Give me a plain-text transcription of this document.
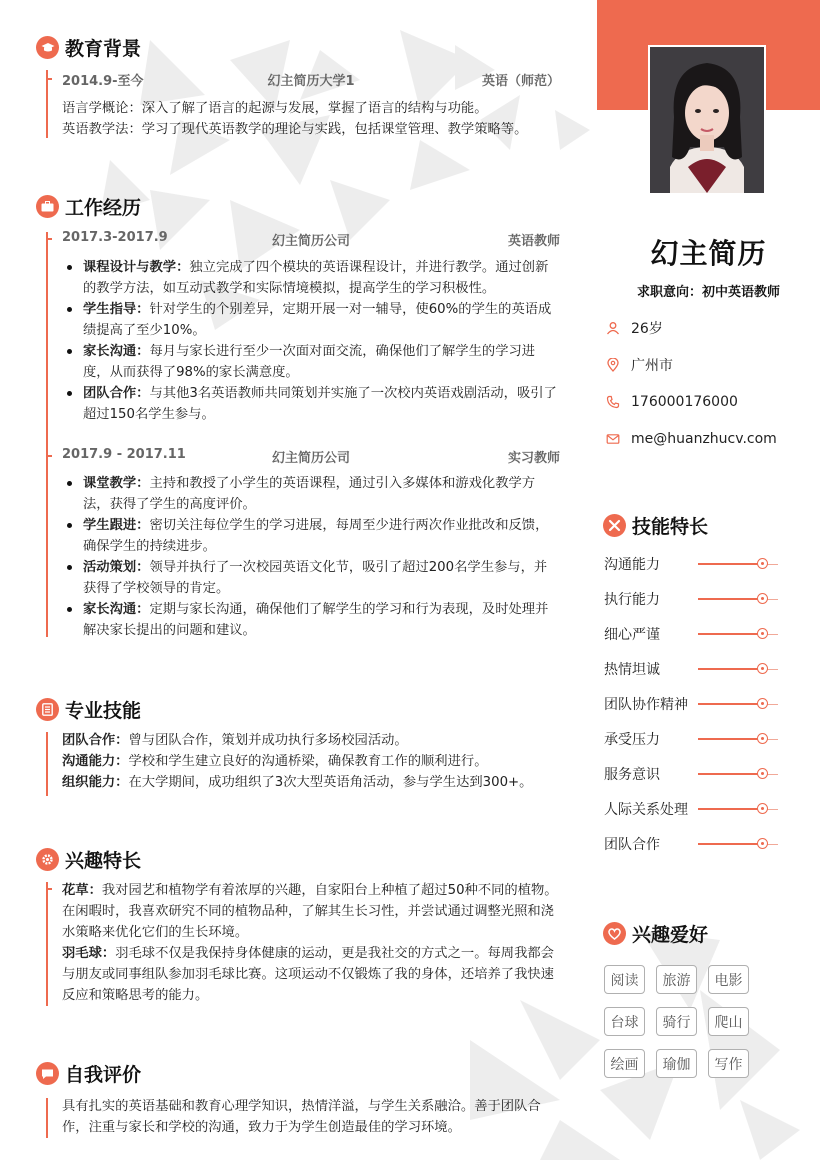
幻主简历
求职意向：初中英语教师
26岁
广州市
176000176000
me@huanzhucv.com
技能特长
沟通能力
执行能力
细心严谨
热情坦诚
团队协作精神
承受压力
服务意识
人际关系处理
团队合作
兴趣爱好
阅读	旅游	电影
台球	骑行	爬山
绘画	瑜伽	写作
教育背景
2014.9-至今	幻主简历大学1	英语（师范）
语言学概论：深入了解了语言的起源与发展，掌握了语言的结构与功能。
英语教学法：学习了现代英语教学的理论与实践，包括课堂管理、教学策略等。
工作经历
2017.3-2017.9	幻主简历公司	英语教师
课程设计与教学：独立完成了四个模块的英语课程设计，并进行教学。通过创新的教学方法，如互动式教学和实际情境模拟，提高学生的学习积极性。
学生指导：针对学生的个别差异，定期开展一对一辅导，使60%的学生的英语成绩提高了至少10%。
家长沟通：每月与家长进行至少一次面对面交流，确保他们了解学生的学习进度，从而获得了98%的家长满意度。
团队合作：与其他3名英语教师共同策划并实施了一次校内英语戏剧活动，吸引了超过150名学生参与。
2017.9 - 2017.11	幻主简历公司	实习教师
课堂教学：主持和教授了小学生的英语课程，通过引入多媒体和游戏化教学方法，获得了学生的高度评价。
学生跟进：密切关注每位学生的学习进展，每周至少进行两次作业批改和反馈，确保学生的持续进步。
活动策划：领导并执行了一次校园英语文化节，吸引了超过200名学生参与，并获得了学校领导的肯定。
家长沟通：定期与家长沟通，确保他们了解学生的学习和行为表现，及时处理并解决家长提出的问题和建议。
专业技能
团队合作：曾与团队合作，策划并成功执行多场校园活动。
沟通能力：学校和学生建立良好的沟通桥梁，确保教育工作的顺利进行。
组织能力：在大学期间，成功组织了3次大型英语角活动，参与学生达到300+。
兴趣特长
花草：我对园艺和植物学有着浓厚的兴趣，自家阳台上种植了超过50种不同的植物。在闲暇时，我喜欢研究不同的植物品种，了解其生长习性，并尝试通过调整光照和浇水策略来优化它们的生长环境。
羽毛球：羽毛球不仅是我保持身体健康的运动，更是我社交的方式之一。每周我都会与朋友或同事组队参加羽毛球比赛。这项运动不仅锻炼了我的身体，还培养了我快速反应和策略思考的能力。
自我评价
具有扎实的英语基础和教育心理学知识，热情洋溢，与学生关系融洽。善于团队合作，注重与家长和学校的沟通，致力于为学生创造最佳的学习环境。
